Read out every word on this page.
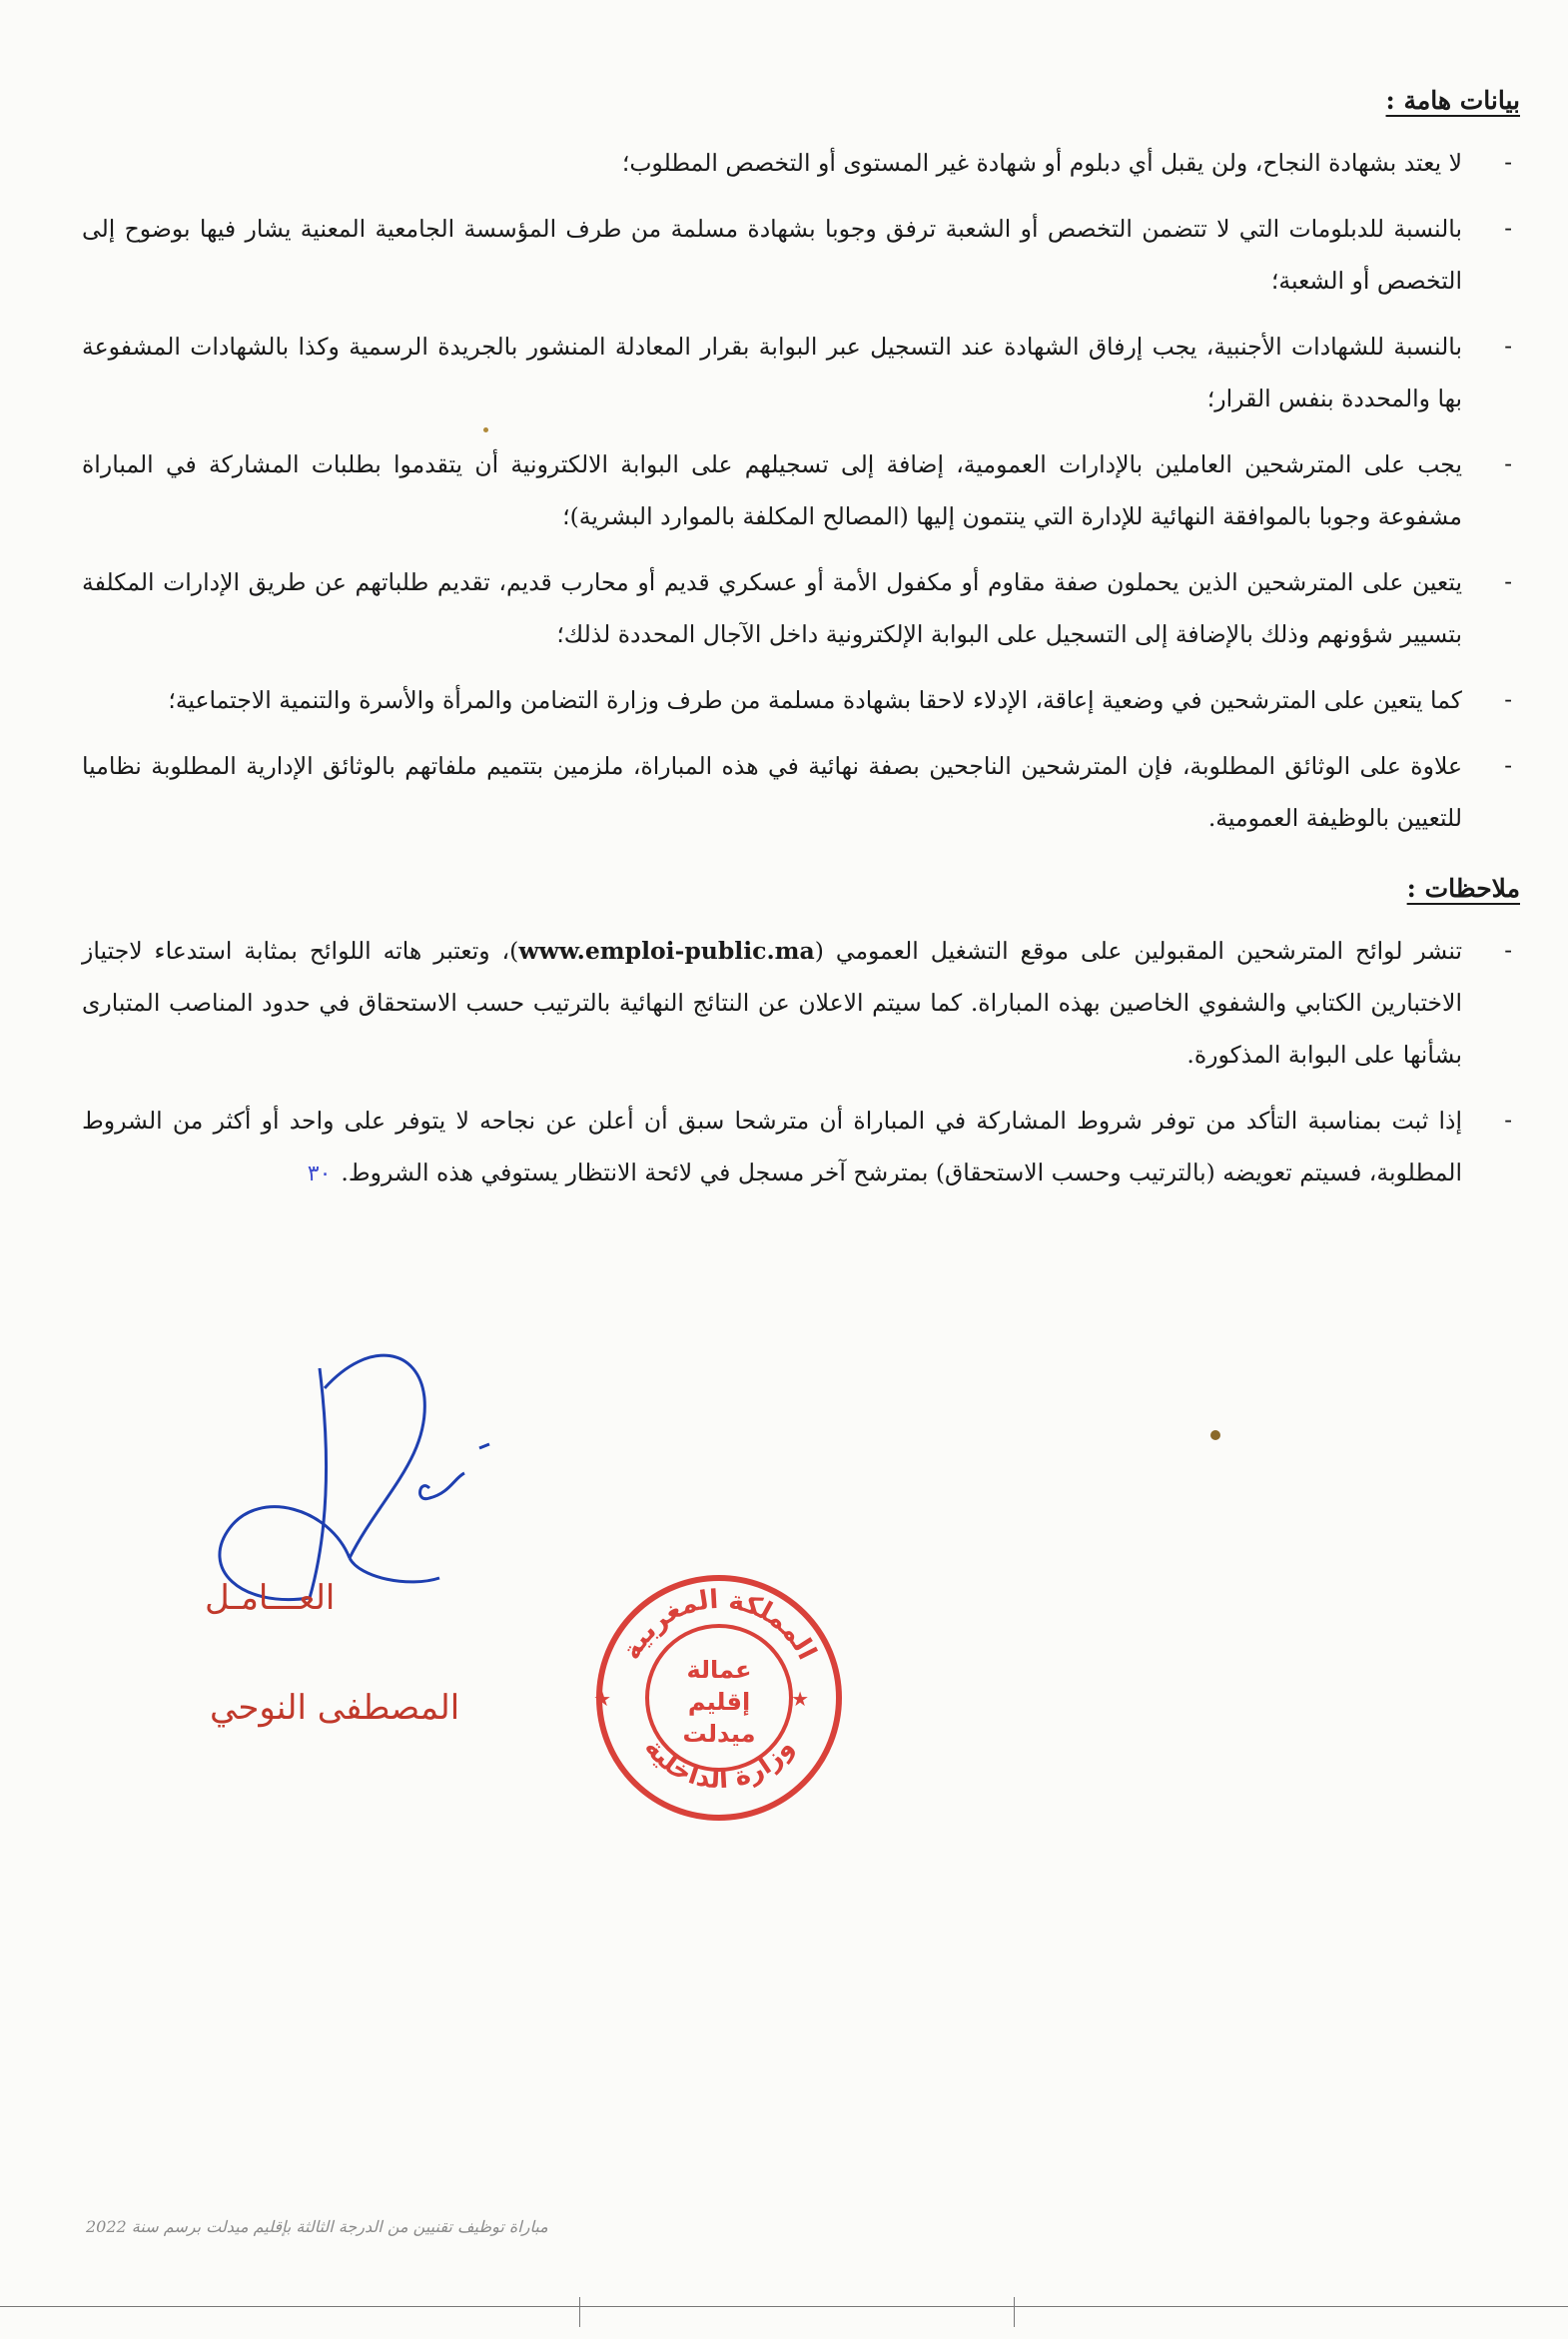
بيانات هامة :
-
لا يعتد بشهادة النجاح، ولن يقبل أي دبلوم أو شهادة غير المستوى أو التخصص المطلوب؛
-
بالنسبة للدبلومات التي لا تتضمن التخصص أو الشعبة ترفق وجوبا بشهادة مسلمة من طرف المؤسسة الجامعية المعنية يشار فيها بوضوح إلى التخصص أو الشعبة؛
-
بالنسبة للشهادات الأجنبية، يجب إرفاق الشهادة عند التسجيل عبر البوابة بقرار المعادلة المنشور بالجريدة الرسمية وكذا بالشهادات المشفوعة بها والمحددة بنفس القرار؛
-
يجب على المترشحين العاملين بالإدارات العمومية، إضافة إلى تسجيلهم على البوابة الالكترونية أن يتقدموا بطلبات المشاركة في المباراة مشفوعة وجوبا بالموافقة النهائية للإدارة التي ينتمون إليها (المصالح المكلفة بالموارد البشرية)؛
-
يتعين على المترشحين الذين يحملون صفة مقاوم أو مكفول الأمة أو عسكري قديم أو محارب قديم، تقديم طلباتهم عن طريق الإدارات المكلفة بتسيير شؤونهم وذلك بالإضافة إلى التسجيل على البوابة الإلكترونية داخل الآجال المحددة لذلك؛
-
كما يتعين على المترشحين في وضعية إعاقة، الإدلاء لاحقا بشهادة مسلمة من طرف وزارة التضامن والمرأة والأسرة والتنمية الاجتماعية؛
-
علاوة على الوثائق المطلوبة، فإن المترشحين الناجحين بصفة نهائية في هذه المباراة، ملزمين بتتميم ملفاتهم بالوثائق الإدارية المطلوبة نظاميا للتعيين بالوظيفة العمومية.
ملاحظات :
-
تنشر لوائح المترشحين المقبولين على موقع التشغيل العمومي (www.emploi-public.ma)، وتعتبر هاته اللوائح بمثابة استدعاء لاجتياز الاختبارين الكتابي والشفوي الخاصين بهذه المباراة. كما سيتم الاعلان عن النتائج النهائية بالترتيب حسب الاستحقاق في حدود المناصب المتبارى بشأنها على البوابة المذكورة.
-
إذا ثبت بمناسبة التأكد من توفر شروط المشاركة في المباراة أن مترشحا سبق أن أعلن عن نجاحه لا يتوفر على واحد أو أكثر من الشروط المطلوبة، فسيتم تعويضه (بالترتيب وحسب الاستحقاق) بمترشح آخر مسجل في لائحة الانتظار يستوفي هذه الشروط.٣٠
العـــامـل
المصطفى النوحي
المملكة المغربية
وزارة الداخلية
عمالة
إقليم
ميدلت
★	★
مباراة توظيف تقنيين من الدرجة الثالثة بإقليم ميدلت برسم سنة 2022
